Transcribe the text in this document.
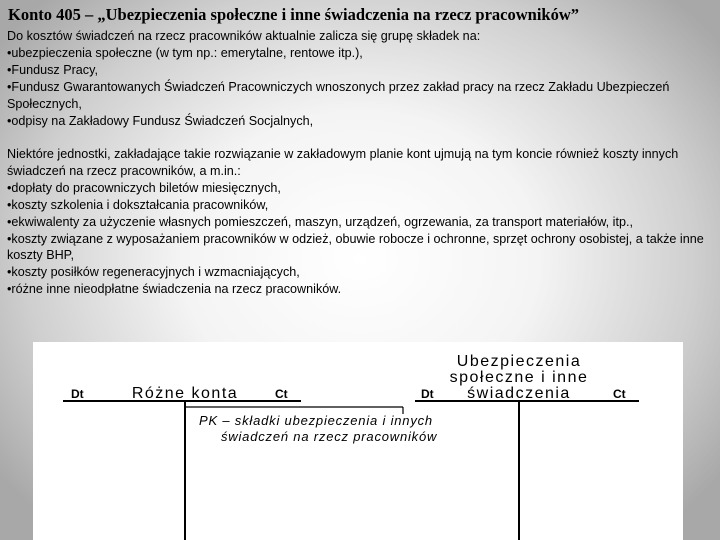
Konto 405 – „Ubezpieczenia społeczne i inne świadczenia na rzecz pracowników”

Do kosztów świadczeń na rzecz pracowników aktualnie zalicza się grupę składek na:

•ubezpieczenia społeczne (w tym np.: emerytalne, rentowe itp.),

•Fundusz Pracy,

•Fundusz Gwarantowanych Świadczeń Pracowniczych wnoszonych przez zakład pracy na rzecz Zakładu Ubezpieczeń Społecznych,

•odpisy na Zakładowy Fundusz Świadczeń Socjalnych,

Niektóre jednostki, zakładające takie rozwiązanie w zakładowym planie kont ujmują na tym koncie również koszty innych świadczeń na rzecz pracowników, a m.in.:

•dopłaty do pracowniczych biletów miesięcznych,

•koszty szkolenia i dokształcania pracowników,

•ekwiwalenty za użyczenie własnych pomieszczeń, maszyn, urządzeń, ogrzewania, za transport materiałów, itp.,

•koszty związane z wyposażaniem pracowników w odzież, obuwie robocze i ochronne, sprzęt ochrony osobistej, a także inne koszty BHP,

•koszty posiłków regeneracyjnych i wzmacniających,

•różne inne nieodpłatne świadczenia na rzecz pracowników.

Ubezpieczenia
społeczne i inne
świadczenia
Dt	Różne konta	Ct	Dt	Ct
PK – składki ubezpieczenia i innych
świadczeń na rzecz pracowników
